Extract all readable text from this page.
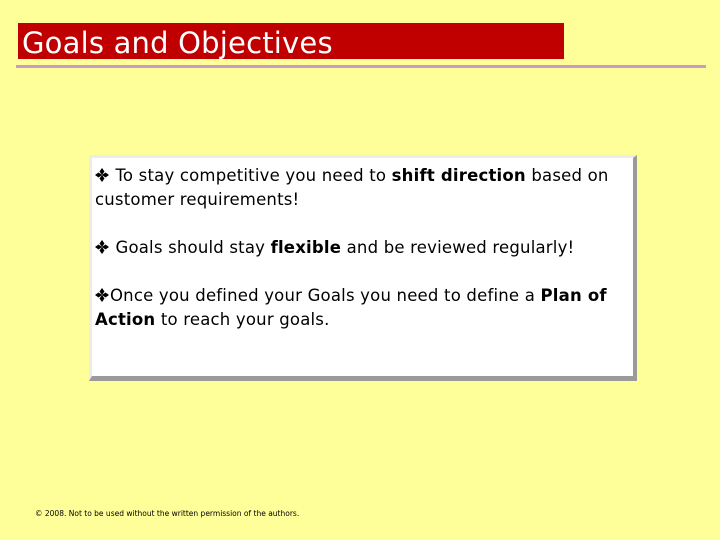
Goals and Objectives

To stay competitive you need to shift direction based on customer requirements!

Goals should stay flexible and be reviewed regularly!

Once you defined your Goals you need to define a Plan of Action to reach your goals.

© 2008. Not to be used without the written permission of the authors.
